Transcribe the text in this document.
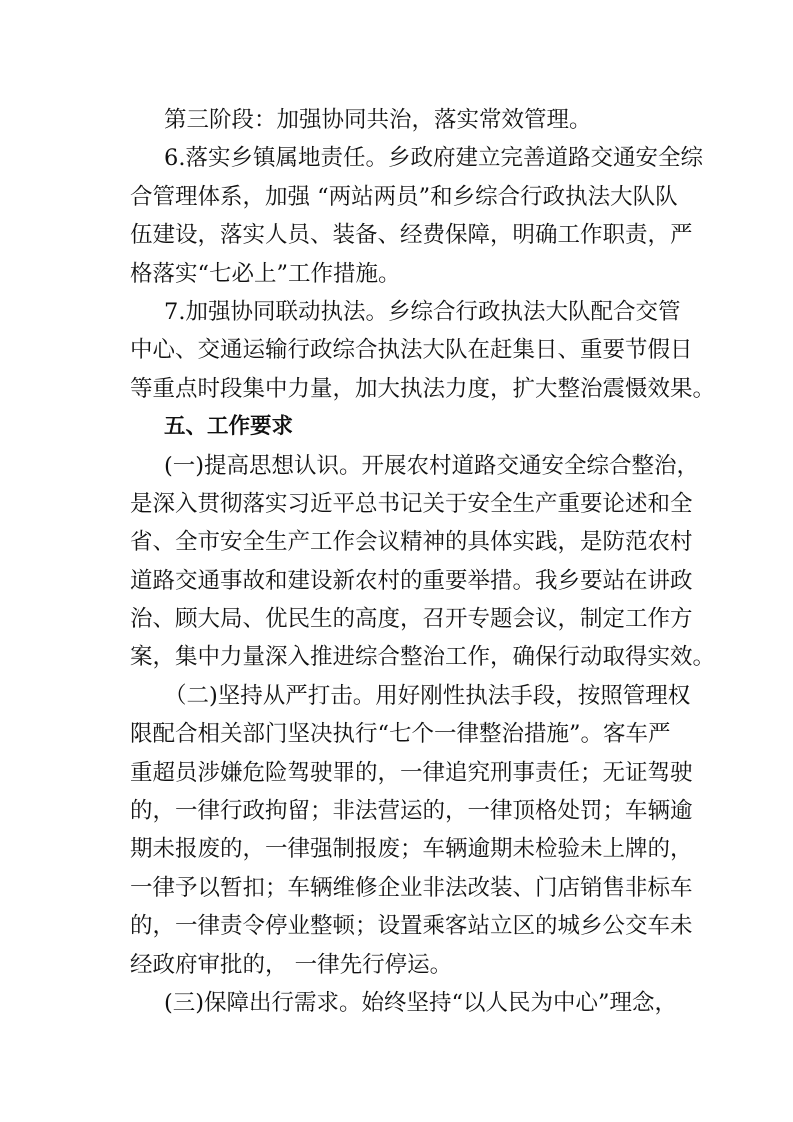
第三阶段：加强协同共治，落实常效管理。
6.落实乡镇属地责任。乡政府建立完善道路交通安全综
合管理体系，加强 “两站两员”和乡综合行政执法大队队
伍建设，落实人员、装备、经费保障，明确工作职责，严
格落实“七必上”工作措施。
7.加强协同联动执法。乡综合行政执法大队配合交管
中心、交通运输行政综合执法大队在赶集日、重要节假日
等重点时段集中力量，加大执法力度，扩大整治震慑效果。
五、工作要求
(一)提高思想认识。开展农村道路交通安全综合整治，
是深入贯彻落实习近平总书记关于安全生产重要论述和全
省、全市安全生产工作会议精神的具体实践，是防范农村
道路交通事故和建设新农村的重要举措。我乡要站在讲政
治、顾大局、优民生的高度，召开专题会议，制定工作方
案，集中力量深入推进综合整治工作，确保行动取得实效。
（二)坚持从严打击。用好刚性执法手段，按照管理权
限配合相关部门坚决执行“七个一律整治措施”。客车严
重超员涉嫌危险驾驶罪的，一律追究刑事责任；无证驾驶
的，一律行政拘留；非法营运的，一律顶格处罚；车辆逾
期未报废的，一律强制报废；车辆逾期未检验未上牌的，
一律予以暂扣；车辆维修企业非法改装、门店销售非标车
的，一律责令停业整顿；设置乘客站立区的城乡公交车未
经政府审批的， 一律先行停运。
(三)保障出行需求。始终坚持“以人民为中心”理念，
